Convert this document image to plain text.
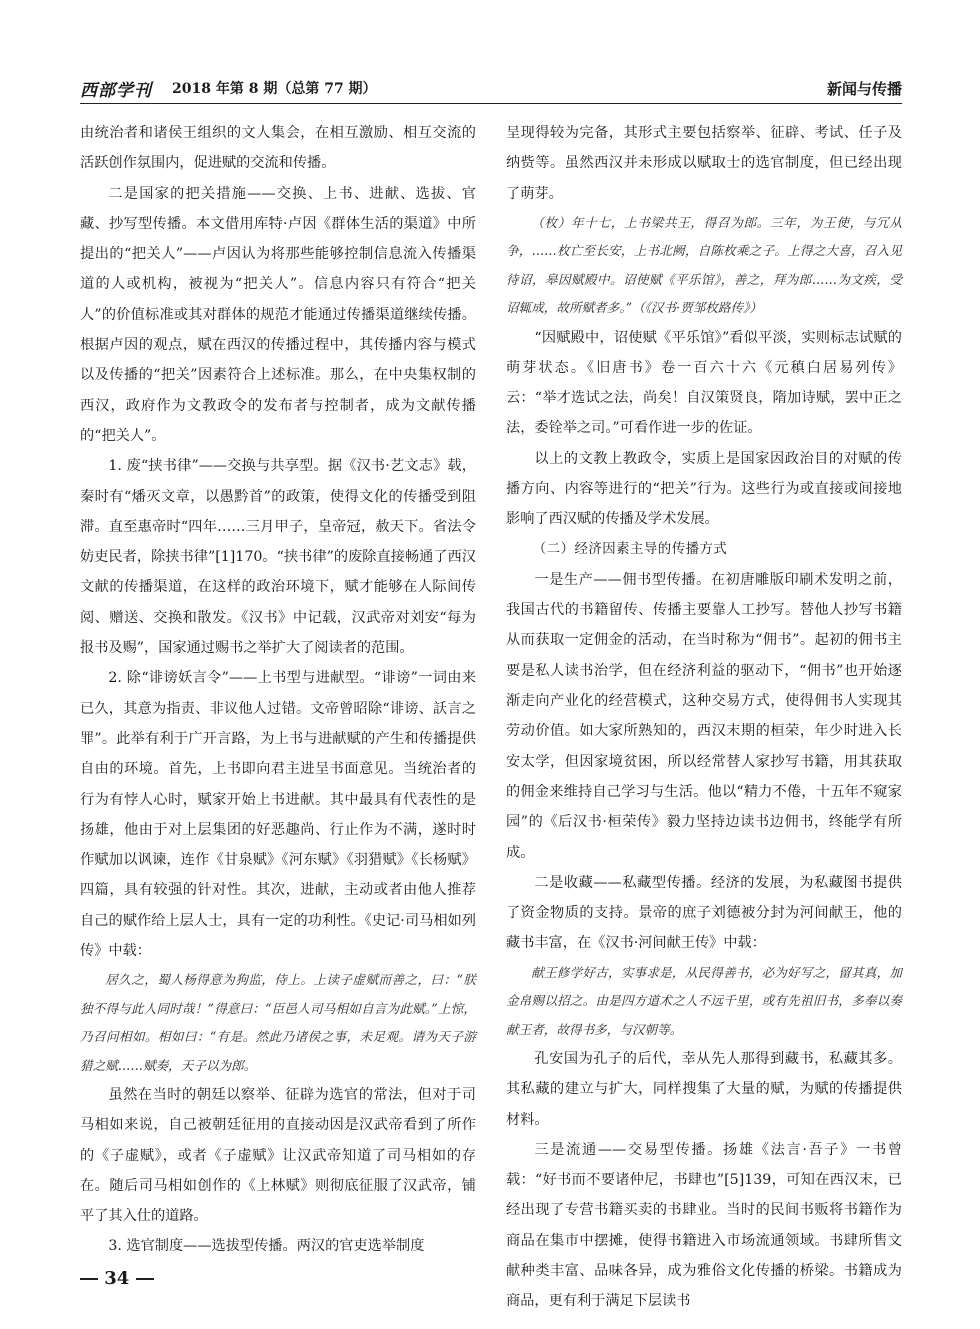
西部学刊 2018 年第 8 期（总第 77 期）	新闻与传播

由统治者和诸侯王组织的文人集会，在相互激励、相互交流的活跃创作氛围内，促进赋的交流和传播。

二是国家的把关措施——交换、上书、进献、选拔、官藏、抄写型传播。本文借用库特·卢因《群体生活的渠道》中所提出的“把关人”——卢因认为将那些能够控制信息流入传播渠道的人或机构，被视为“把关人”。信息内容只有符合“把关人”的价值标准或其对群体的规范才能通过传播渠道继续传播。根据卢因的观点，赋在西汉的传播过程中，其传播内容与模式以及传播的“把关”因素符合上述标准。那么，在中央集权制的西汉，政府作为文教政令的发布者与控制者，成为文献传播的“把关人”。

1. 废“挟书律”——交换与共享型。据《汉书·艺文志》载，秦时有“燔灭文章，以愚黔首”的政策，使得文化的传播受到阻滞。直至惠帝时“四年……三月甲子，皇帝冠，赦天下。省法令妨吏民者，除挟书律”[1]170。“挟书律”的废除直接畅通了西汉文献的传播渠道，在这样的政治环境下，赋才能够在人际间传阅、赠送、交换和散发。《汉书》中记载，汉武帝对刘安“每为报书及赐”，国家通过赐书之举扩大了阅读者的范围。

2. 除“诽谤妖言令”——上书型与进献型。“诽谤”一词由来已久，其意为指责、非议他人过错。文帝曾昭除“诽谤、訞言之罪”。此举有利于广开言路，为上书与进献赋的产生和传播提供自由的环境。首先，上书即向君主进呈书面意见。当统治者的行为有悖人心时，赋家开始上书进献。其中最具有代表性的是扬雄，他由于对上层集团的好恶趣尚、行止作为不满，遂时时作赋加以讽谏，连作《甘泉赋》《河东赋》《羽猎赋》《长杨赋》四篇，具有较强的针对性。其次，进献，主动或者由他人推荐自己的赋作给上层人士，具有一定的功利性。《史记·司马相如列传》中载：

居久之，蜀人杨得意为狗监，侍上。上读子虚赋而善之，曰：“朕独不得与此人同时哉！”得意曰：“臣邑人司马相如自言为此赋。”上惊，乃召问相如。相如曰：“有是。然此乃诸侯之事，未足观。请为天子游猎之赋……赋奏，天子以为郎。

虽然在当时的朝廷以察举、征辟为选官的常法，但对于司马相如来说，自己被朝廷征用的直接动因是汉武帝看到了所作的《子虚赋》，或者《子虚赋》让汉武帝知道了司马相如的存在。随后司马相如创作的《上林赋》则彻底征服了汉武帝，铺平了其入仕的道路。

3. 选官制度——选拔型传播。两汉的官吏选举制度

呈现得较为完备，其形式主要包括察举、征辟、考试、任子及纳赀等。虽然西汉并未形成以赋取士的选官制度，但已经出现了萌芽。

（枚）年十七，上书梁共王，得召为郎。三年，为王使，与冗从争，……枚亡至长安，上书北阙，自陈枚乘之子。上得之大喜，召入见待诏，皋因赋殿中。诏使赋《平乐馆》，善之，拜为郎……为文疾，受诏辄成，故所赋者多。”（《汉书·贾邹枚路传》）

“因赋殿中，诏使赋《平乐馆》”看似平淡，实则标志试赋的萌芽状态。《旧唐书》卷一百六十六《元稹白居易列传》云：“举才选试之法，尚矣！自汉策贤良，隋加诗赋，罢中正之法，委铨举之司。”可看作进一步的佐证。

以上的文教上教政令，实质上是国家因政治目的对赋的传播方向、内容等进行的“把关”行为。这些行为或直接或间接地影响了西汉赋的传播及学术发展。

（二）经济因素主导的传播方式

一是生产——佣书型传播。在初唐雕版印刷术发明之前，我国古代的书籍留传、传播主要靠人工抄写。替他人抄写书籍从而获取一定佣金的活动，在当时称为“佣书”。起初的佣书主要是私人读书治学，但在经济利益的驱动下，“佣书”也开始逐渐走向产业化的经营模式，这种交易方式，使得佣书人实现其劳动价值。如大家所熟知的，西汉末期的桓荣，年少时进入长安太学，但因家境贫困，所以经常替人家抄写书籍，用其获取的佣金来维持自己学习与生活。他以“精力不倦，十五年不窥家园”的《后汉书·桓荣传》毅力坚持边读书边佣书，终能学有所成。

二是收藏——私藏型传播。经济的发展，为私藏图书提供了资金物质的支持。景帝的庶子刘德被分封为河间献王，他的藏书丰富，在《汉书·河间献王传》中载：

献王修学好古，实事求是，从民得善书，必为好写之，留其真，加金帛赐以招之。由是四方道术之人不远千里，或有先祖旧书，多奉以奏献王者，故得书多，与汉朝等。

孔安国为孔子的后代，幸从先人那得到藏书，私藏其多。其私藏的建立与扩大，同样搜集了大量的赋，为赋的传播提供材料。

三是流通——交易型传播。扬雄《法言·吾子》一书曾载：“好书而不要诸仲尼，书肆也”[5]139，可知在西汉末，已经出现了专营书籍买卖的书肆业。当时的民间书贩将书籍作为商品在集市中摆摊，使得书籍进入市场流通领域。书肆所售文献种类丰富、品味各异，成为雅俗文化传播的桥梁。书籍成为商品，更有利于满足下层读书

34
